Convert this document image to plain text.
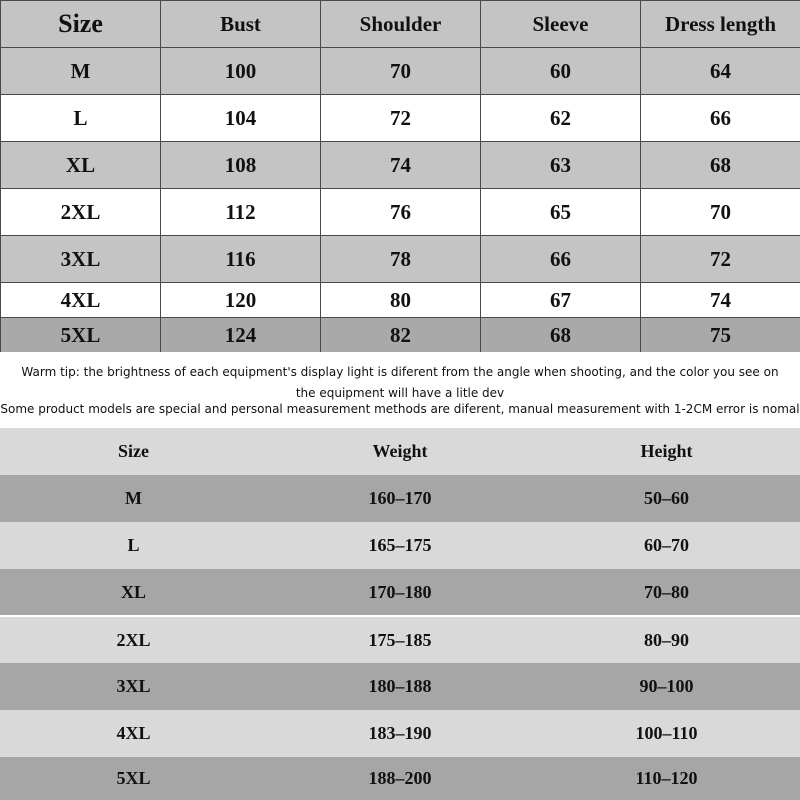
Size	Bust	Shoulder	Sleeve	Dress length
M	100	70	60	64
L	104	72	62	66
XL	108	74	63	68
2XL	112	76	65	70
3XL	116	78	66	72
4XL	120	80	67	74
5XL	124	82	68	75
Warm tip: the brightness of each equipment's display light is diferent from the angle when shooting, and the color you see on the equipment will have a litle dev
Some product models are special and personal measurement methods are diferent, manual measurement with 1-2CM error is nomal
Size	Weight	Height
M	160–170	50–60
L	165–175	60–70
XL	170–180	70–80
2XL	175–185	80–90
3XL	180–188	90–100
4XL	183–190	100–110
5XL	188–200	110–120
